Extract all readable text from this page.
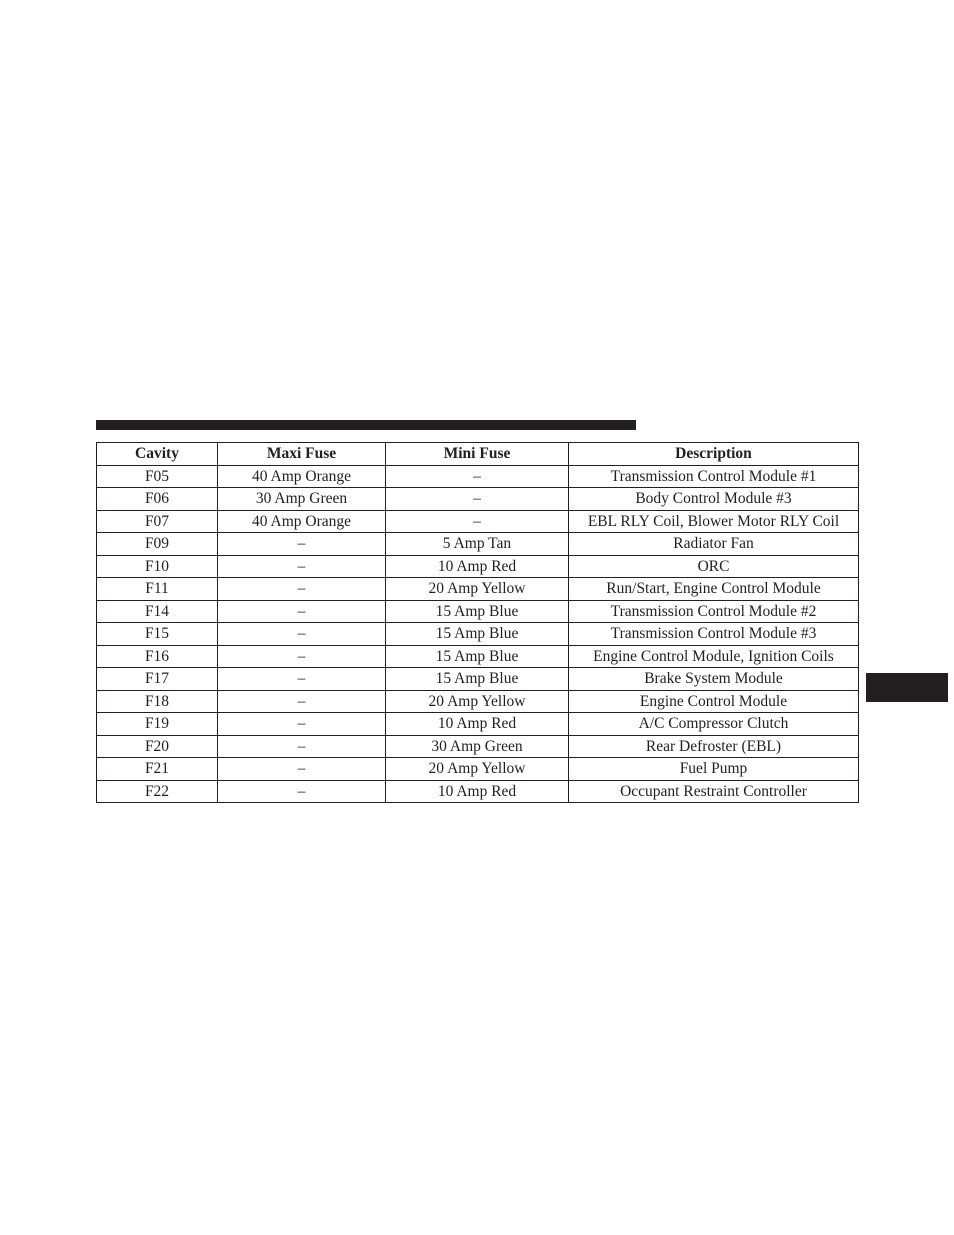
Cavity	Maxi Fuse	Mini Fuse	Description
F05	40 Amp Orange	–	Transmission Control Module #1
F06	30 Amp Green	–	Body Control Module #3
F07	40 Amp Orange	–	EBL RLY Coil, Blower Motor RLY Coil
F09	–	5 Amp Tan	Radiator Fan
F10	–	10 Amp Red	ORC
F11	–	20 Amp Yellow	Run/Start, Engine Control Module
F14	–	15 Amp Blue	Transmission Control Module #2
F15	–	15 Amp Blue	Transmission Control Module #3
F16	–	15 Amp Blue	Engine Control Module, Ignition Coils
F17	–	15 Amp Blue	Brake System Module
F18	–	20 Amp Yellow	Engine Control Module
F19	–	10 Amp Red	A/C Compressor Clutch
F20	–	30 Amp Green	Rear Defroster (EBL)
F21	–	20 Amp Yellow	Fuel Pump
F22	–	10 Amp Red	Occupant Restraint Controller
